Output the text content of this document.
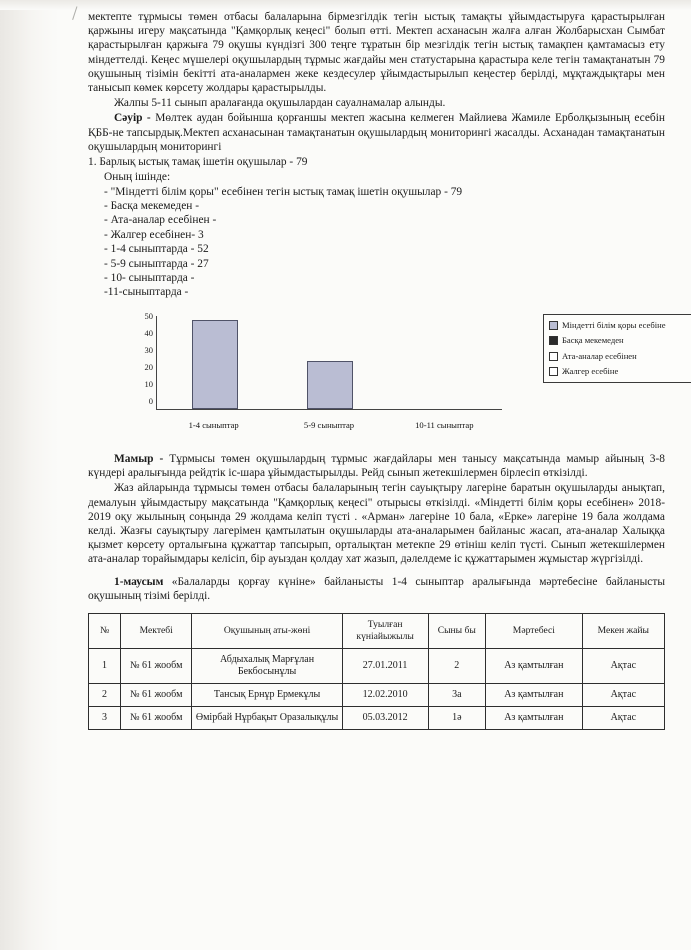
мектепте тұрмысы төмен отбасы балаларына бірмезгілдік тегін ыстық тамақты ұйымдастыруға қарастырылған қаржыны игеру мақсатында "Қамқорлық кеңесі" болып өтті. Мектеп асханасын жалға алған Жолбарысхан Сымбат қарастырылған қаржыға 79 оқушы күндізгі 300 теңге тұратын бір мезгілдік тегін ыстық тамақпен қамтамасыз ету міндеттелді. Кеңес мүшелері оқушылардың тұрмыс жағдайы мен статустарына қарастыра келе тегін тамақтанатын 79 оқушының тізімін бекітті ата-аналармен жеке кездесулер ұйымдастырылып кеңестер берілді, мұқтаждықтары мен танысып көмек көрсету жолдары қарастырылды.

Жалпы 5-11 сынып аралағанда оқушылардан сауалнамалар алынды.

Сәуір - Мөлтек аудан бойынша қорғаншы мектеп жасына келмеген Майлиева Жамиле Ерболқызының есебін ҚББ-не тапсырдық.Мектеп асханасынан тамақтанатын оқушылардың мониторингі жасалды. Асханадан тамақтанатын оқушылардың мониторингі

1. Барлық ыстық тамақ ішетін оқушылар - 79

Оның ішінде:

- "Міндетті білім қоры" есебінен тегін ыстық тамақ ішетін оқушылар - 79

- Басқа мекемеден -

- Ата-аналар есебінен -

- Жалгер есебінен- 3

- 1-4 сыныптарда - 52

- 5-9 сыныптарда - 27

- 10- сыныптарда -

-11-сыныптарда -

50
40
30
20
10
0
1-4 сыныптар	5-9 сыныптар	10-11 сыныптар
Міндетті білім қоры есебіне
Басқа мекемеден
Ата-аналар есебінен
Жалгер есебіне

Мамыр - Тұрмысы төмен оқушылардың тұрмыс жағдайлары мен танысу мақсатында мамыр айының 3-8 күндері аралығында рейдтік іс-шара ұйымдастырылды. Рейд сынып жетекшілермен бірлесіп өткізілді.

Жаз айларында тұрмысы төмен отбасы балаларының тегін сауықтыру лагеріне баратын оқушыларды анықтап, демалуын ұйымдастыру мақсатында "Қамқорлық кеңесі" отырысы өткізілді. «Міндетті білім қоры есебінен» 2018-2019 оқу жылының соңында 29 жолдама келіп түсті . «Арман» лагеріне 10 бала, «Ерке» лагеріне 19 бала жолдама келді. Жазғы сауықтыру лагерімен қамтылатын оқушыларды ата-аналарымен байланыс жасап, ата-аналар Халыққа қызмет көрсету орталығына құжаттар тапсырып, орталықтан метекпе 29 өтініш келіп түсті. Сынып жетекшілермен ата-аналар торайымдары келісіп, бір ауыздан қолдау хат жазып, дәлелдеме іс құжаттарымен жұмыстар жүргізілді.

1-маусым «Балаларды қорғау күніне» байланысты 1-4 сыныптар аралығында мәртебесіне байланысты оқушының тізімі берілді.

№	Мектебі	Оқушының аты-жөні	Туылған күніайыжылы	Сыны бы	Мәртебесі	Мекен жайы
1	№ 61 жообм	Абдыхалық Марғұлан Бекбосынұлы	27.01.2011	2	Аз қамтылған	Ақтас
2	№ 61 жообм	Тансық Ернұр Ермекұлы	12.02.2010	3а	Аз қамтылған	Ақтас
3	№ 61 жообм	Өмірбай Нұрбақыт Оразалықұлы	05.03.2012	1ә	Аз қамтылған	Ақтас
